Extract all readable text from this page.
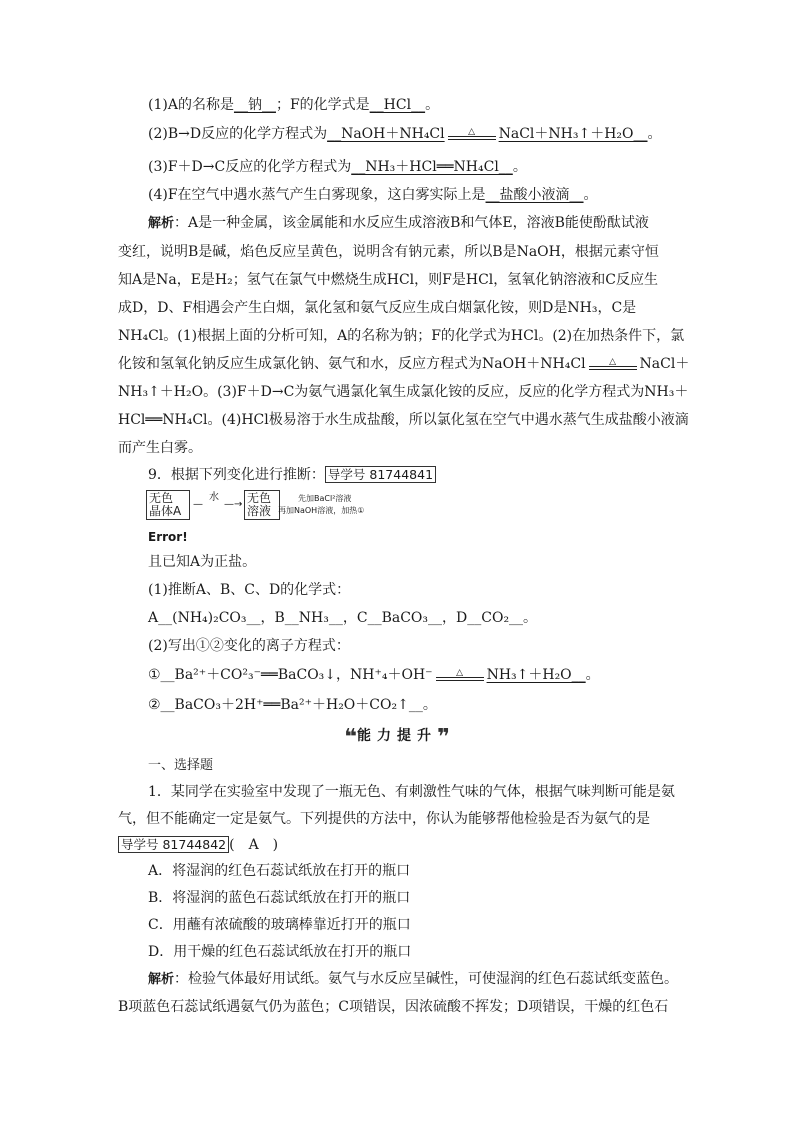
(1)A的名称是__钠__；F的化学式是__HCl__。
(2)B→D反应的化学方程式为__NaOH＋NH₄Cl	△	NaCl＋NH₃↑＋H₂O__。
(3)F＋D→C反应的化学方程式为__NH₃＋HCl══NH₄Cl__。
(4)F在空气中遇水蒸气产生白雾现象，这白雾实际上是__盐酸小液滴__。
解析：A是一种金属，该金属能和水反应生成溶液B和气体E，溶液B能使酚酞试液
变红，说明B是碱，焰色反应呈黄色，说明含有钠元素，所以B是NaOH，根据元素守恒
知A是Na，E是H₂；氢气在氯气中燃烧生成HCl，则F是HCl，氢氧化钠溶液和C反应生
成D，D、F相遇会产生白烟，氯化氢和氨气反应生成白烟氯化铵，则D是NH₃，C是
NH₄Cl。(1)根据上面的分析可知，A的名称为钠；F的化学式为HCl。(2)在加热条件下，氯
化铵和氢氧化钠反应生成氯化钠、氨气和水，反应方程式为NaOH＋NH₄Cl	△	NaCl＋
NH₃↑＋H₂O。(3)F＋D→C为氨气遇氯化氧生成氯化铵的反应，反应的化学方程式为NH₃＋
HCl══NH₄Cl。(4)HCl极易溶于水生成盐酸，所以氯化氢在空气中遇水蒸气生成盐酸小液滴
而产生白雾。
9．根据下列变化进行推断： 导学号 81744841
无色
晶体A	—
水
—→ 无色
溶液
先加BaCl²溶液
再加NaOH溶液，加热①
Error!
且已知A为正盐。
(1)推断A、B、C、D的化学式：
A__(NH₄)₂CO₃__，B__NH₃__，C__BaCO₃__，D__CO₂__。
(2)写出①②变化的离子方程式：
①__Ba²⁺＋CO²₃⁻══BaCO₃↓，NH⁺₄＋OH⁻	△	NH₃↑＋H₂O__。
②__BaCO₃＋2H⁺══Ba²⁺＋H₂O＋CO₂↑__。
❝能力提升❞
一、选择题
1．某同学在实验室中发现了一瓶无色、有刺激性气味的气体，根据气味判断可能是氨
气，但不能确定一定是氨气。下列提供的方法中，你认为能够帮他检验是否为氨气的是
导学号 81744842 (　A　)
A．将湿润的红色石蕊试纸放在打开的瓶口
B．将湿润的蓝色石蕊试纸放在打开的瓶口
C．用蘸有浓硫酸的玻璃棒靠近打开的瓶口
D．用干燥的红色石蕊试纸放在打开的瓶口
解析：检验气体最好用试纸。氨气与水反应呈碱性，可使湿润的红色石蕊试纸变蓝色。
B项蓝色石蕊试纸遇氨气仍为蓝色；C项错误，因浓硫酸不挥发；D项错误，干燥的红色石
